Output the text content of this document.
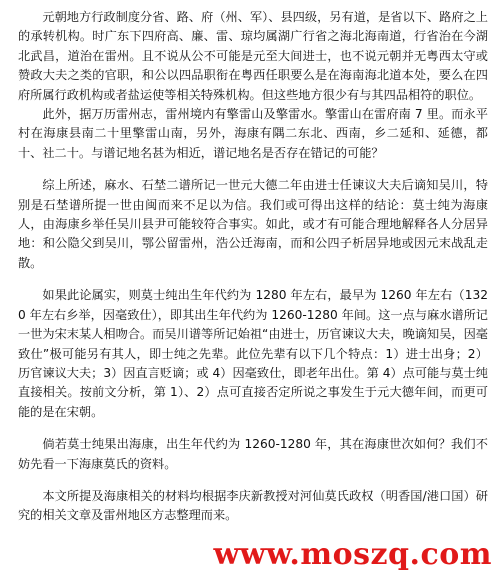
元朝地方行政制度分省、路、府（州、军）、县四级，另有道，是省以下、路府之上的承转机构。时广东下四府高、廉、雷、琼均属湖广行省之海北海南道，行省治在今湖北武昌，道治在雷州。且不说从公不可能是元至大间进士，也不说元朝并无粤西太守或赞政大夫之类的官职，和公以四品职衔在粤西任职要么是在海南海北道本处，要么在四府所属行政机构或者盐运使等相关特殊机构。但这些地方很少有与其四品相符的职位。

此外，据万历雷州志，雷州境内有擎雷山及擎雷水。擎雷山在雷府南 7 里。而永平村在海康县南二十里擎雷山南，另外，海康有隅二东北、西南，乡二延和、延德，都十、社二十。与谱记地名甚为相近，谱记地名是否存在错记的可能？

综上所述，麻水、石埜二谱所记一世元大德二年由进士任谏议大夫后谪知吴川，特别是石埜谱所提一世由闽而来不足以为信。我们或可得出这样的结论：莫士纯为海康人，由海康乡举任吴川县尹可能较符合事实。如此，或才有可能合理地解释各人分居异地：和公隐父到吴川，鄂公留雷州，浩公迁海南，而和公四子析居异地或因元末战乱走散。

如果此论属实，则莫士纯出生年代约为 1280 年左右，最早为 1260 年左右（1320 年左右乡举，因毫致仕），即其出生年代约为 1260-1280 年间。这一点与麻水谱所记一世为宋末某人相吻合。而吴川谱等所记始祖“由进士，历官谏议大夫，晚谪知吴，因毫致仕”极可能另有其人，即士纯之先辈。此位先辈有以下几个特点：1）进士出身；2）历官谏议大夫；3）因直言贬谪；或 4）因毫致仕，即老年出仕。第 4）点可能与莫士纯直接相关。按前文分析，第 1）、2）点可直接否定所说之事发生于元大德年间，而更可能的是在宋朝。

倘若莫士纯果出海康，出生年代约为 1260-1280 年，其在海康世次如何？我们不妨先看一下海康莫氏的资料。

本文所提及海康相关的材料均根据李庆新教授对河仙莫氏政权（明香国/港口国）研究的相关文章及雷州地区方志整理而来。

www.moszq.com
